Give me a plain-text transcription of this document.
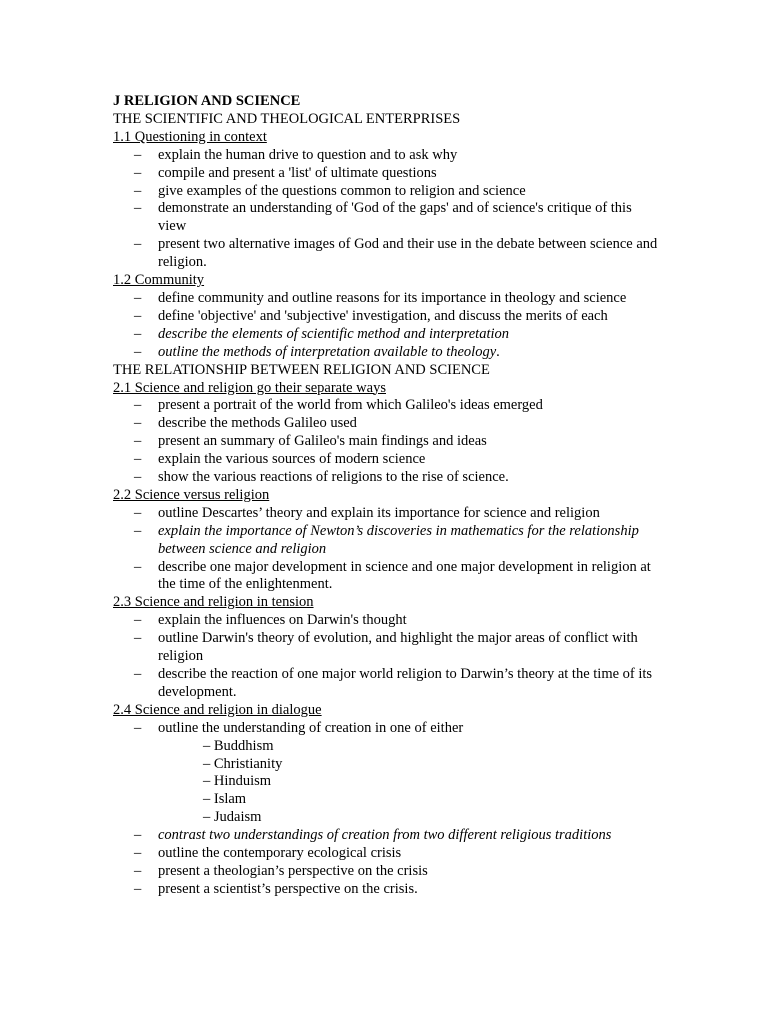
J RELIGION AND SCIENCE

THE SCIENTIFIC AND THEOLOGICAL ENTERPRISES

1.1 Questioning in context

– explain the human drive to question and to ask why
– compile and present a 'list' of ultimate questions
– give examples of the questions common to religion and science
– demonstrate an understanding of 'God of the gaps' and of science's critique of this view
– present two alternative images of God and their use in the debate between science and religion.

1.2 Community

– define community and outline reasons for its importance in theology and science
– define 'objective' and 'subjective' investigation, and discuss the merits of each
– describe the elements of scientific method and interpretation
– outline the methods of interpretation available to theology.

THE RELATIONSHIP BETWEEN RELIGION AND SCIENCE

2.1 Science and religion go their separate ways

– present a portrait of the world from which Galileo's ideas emerged
– describe the methods Galileo used
– present an summary of Galileo's main findings and ideas
– explain the various sources of modern science
– show the various reactions of religions to the rise of science.

2.2 Science versus religion

– outline Descartes’ theory and explain its importance for science and religion
– explain the importance of Newton’s discoveries in mathematics for the relationship between science and religion
– describe one major development in science and one major development in religion at the time of the enlightenment.

2.3 Science and religion in tension

– explain the influences on Darwin's thought
– outline Darwin's theory of evolution, and highlight the major areas of conflict with religion
– describe the reaction of one major world religion to Darwin’s theory at the time of its development.

2.4 Science and religion in dialogue

– outline the understanding of creation in one of either
– Buddhism
– Christianity
– Hinduism
– Islam
– Judaism
– contrast two understandings of creation from two different religious traditions
– outline the contemporary ecological crisis
– present a theologian’s perspective on the crisis
– present a scientist’s perspective on the crisis.
